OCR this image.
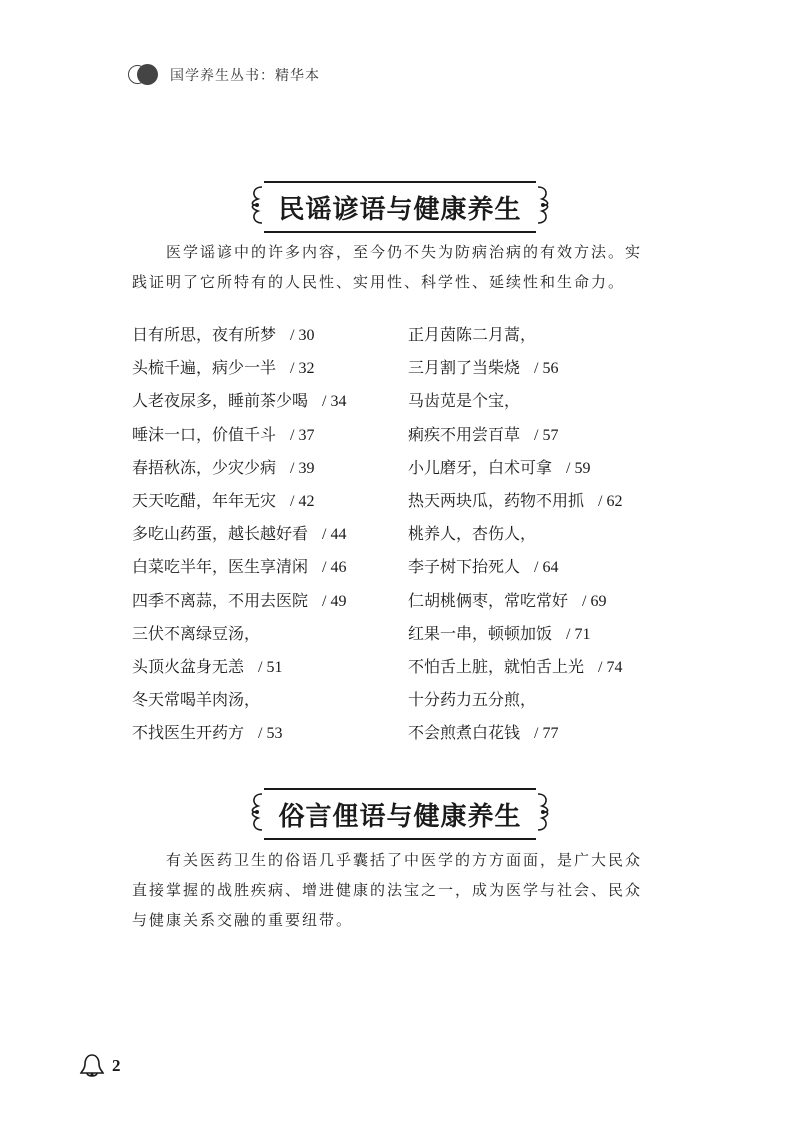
国学养生丛书：精华本
民谣谚语与健康养生
医学谣谚中的许多内容，至今仍不失为防病治病的有效方法。实
践证明了它所特有的人民性、实用性、科学性、延续性和生命力。
日有所思，夜有所梦 / 30
头梳千遍，病少一半 / 32
人老夜尿多，睡前茶少喝 / 34
唾沫一口，价值千斗 / 37
春捂秋冻，少灾少病 / 39
天天吃醋，年年无灾 / 42
多吃山药蛋，越长越好看 / 44
白菜吃半年，医生享清闲 / 46
四季不离蒜，不用去医院 / 49
三伏不离绿豆汤，
头顶火盆身无恙 / 51
冬天常喝羊肉汤，
不找医生开药方 / 53
正月茵陈二月蒿，
三月割了当柴烧 / 56
马齿苋是个宝，
痢疾不用尝百草 / 57
小儿磨牙，白术可拿 / 59
热天两块瓜，药物不用抓 / 62
桃养人，杏伤人，
李子树下抬死人 / 64
仁胡桃俩枣，常吃常好 / 69
红果一串，顿顿加饭 / 71
不怕舌上脏，就怕舌上光 / 74
十分药力五分煎，
不会煎煮白花钱 / 77
俗言俚语与健康养生
有关医药卫生的俗语几乎囊括了中医学的方方面面，是广大民众
直接掌握的战胜疾病、增进健康的法宝之一，成为医学与社会、民众
与健康关系交融的重要纽带。
2
